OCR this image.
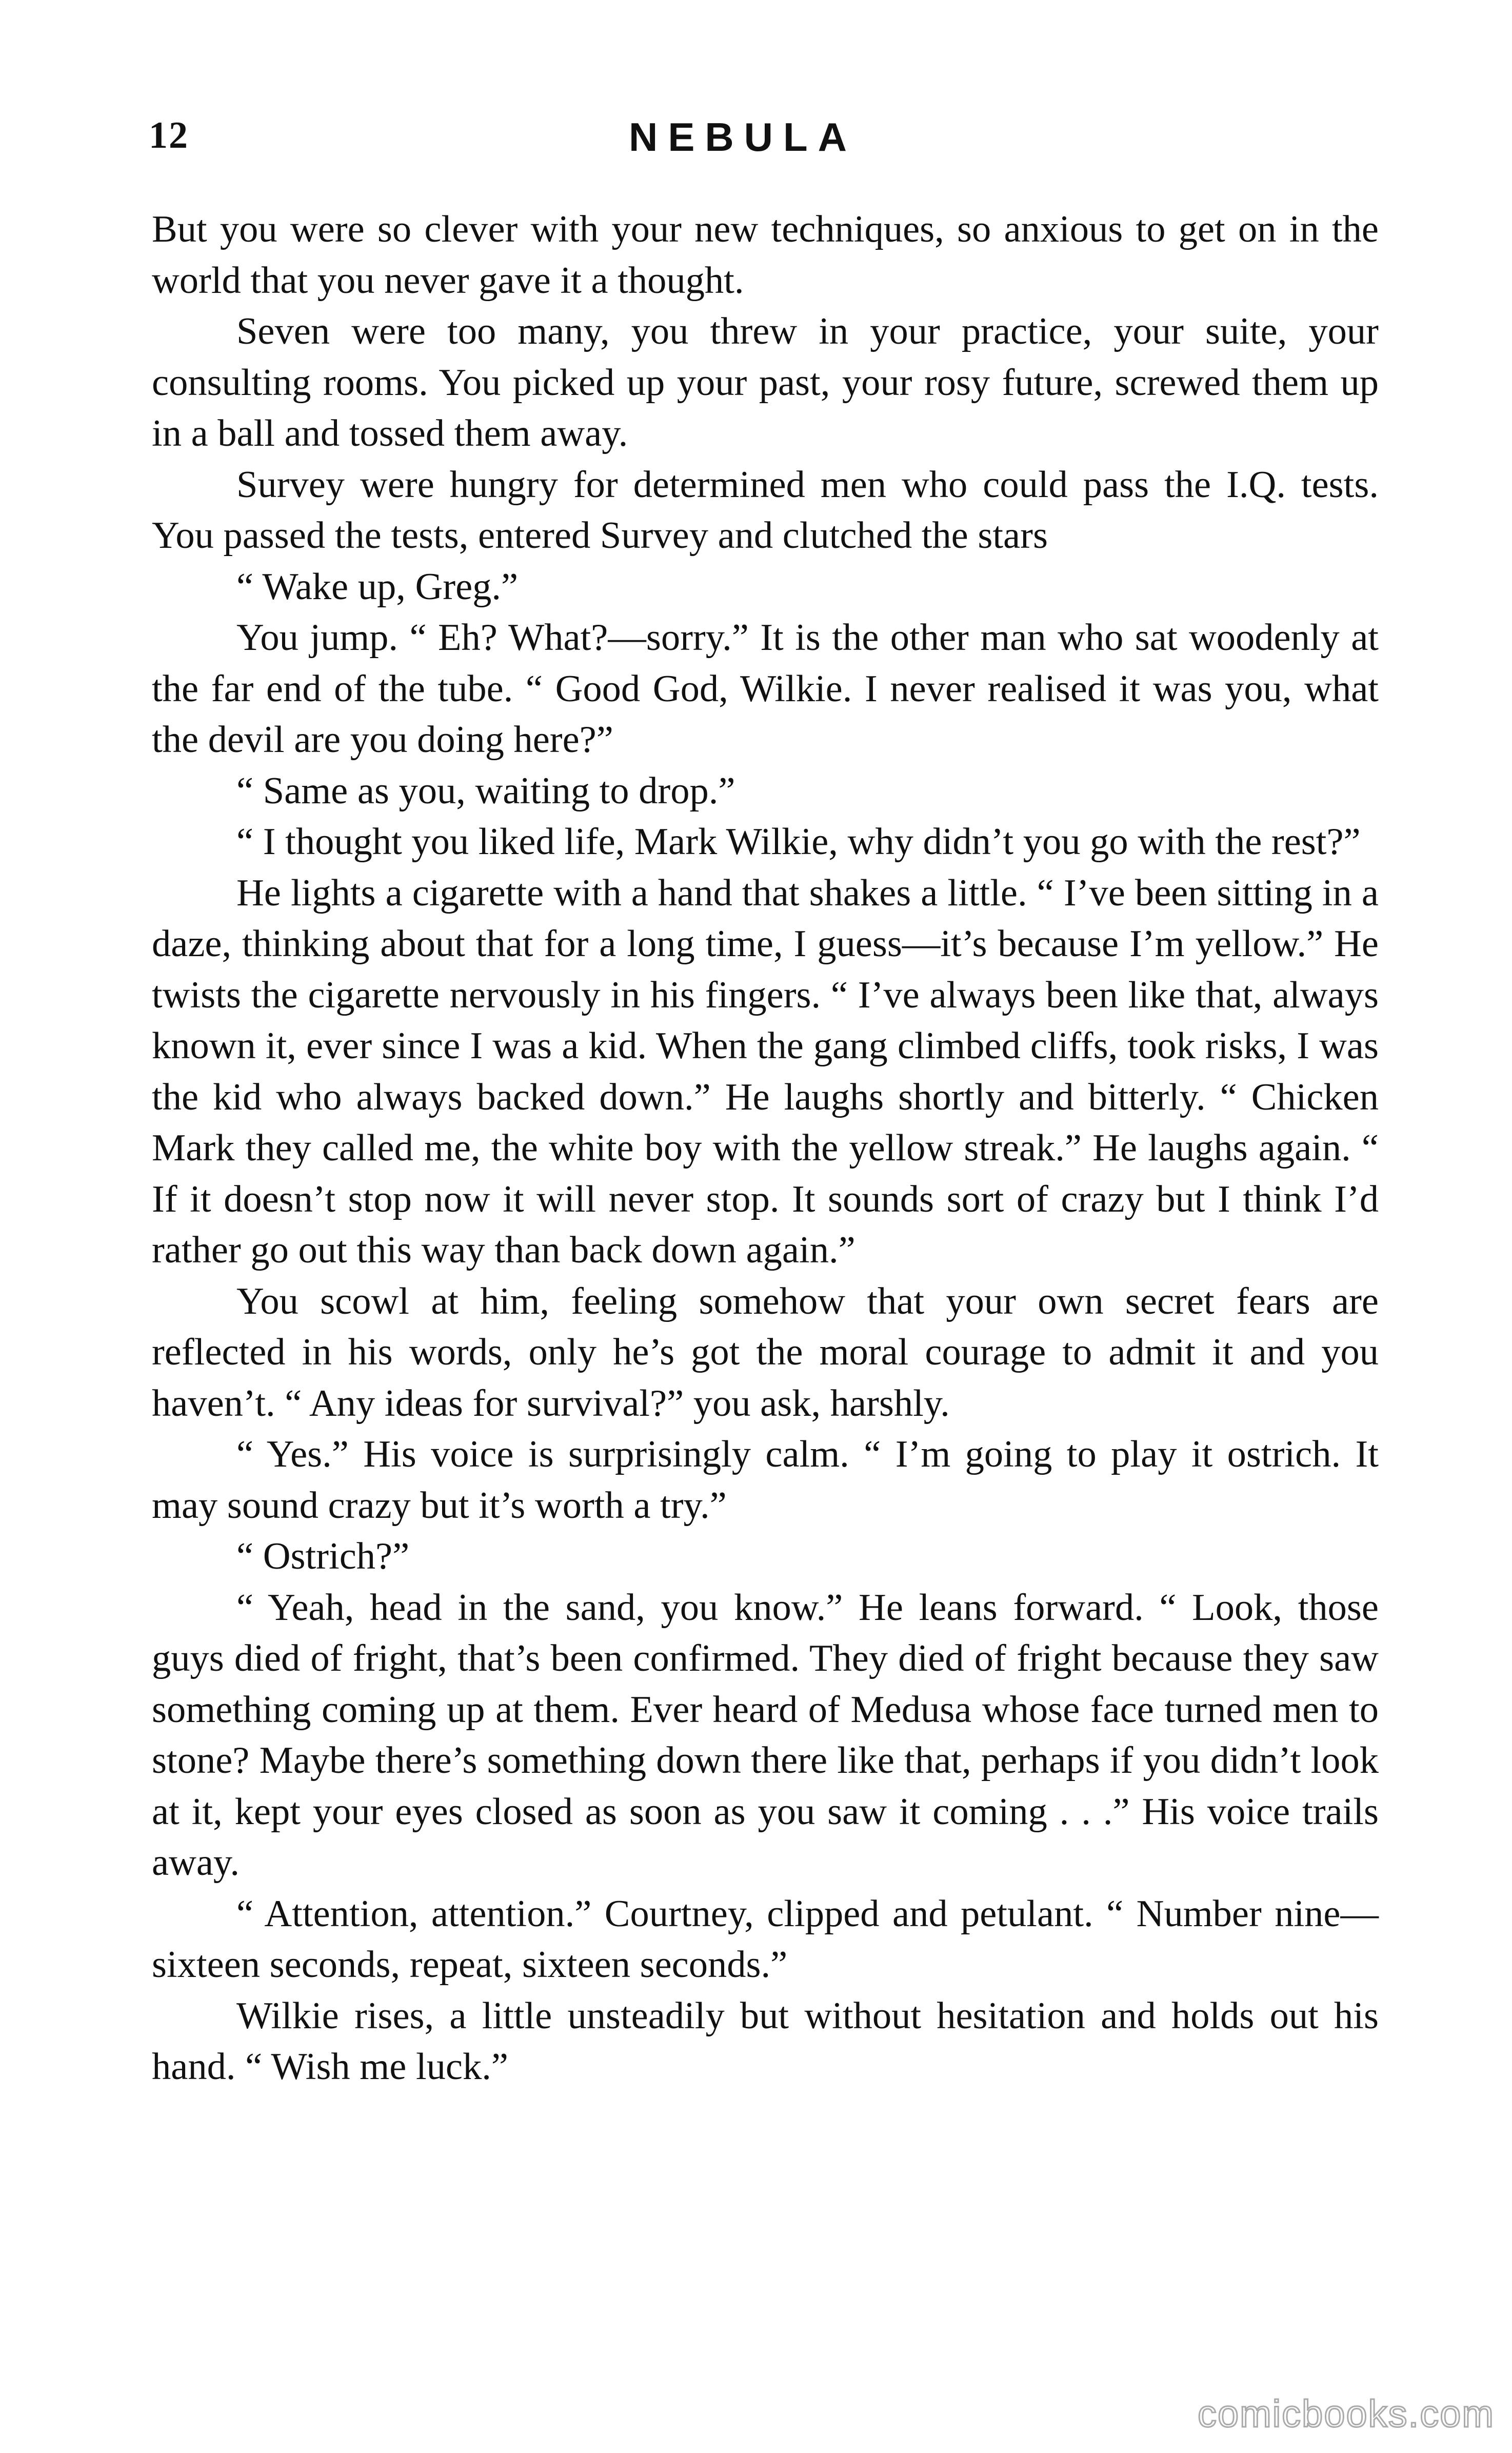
12	NEBULA

But you were so clever with your new techniques, so anxious to get on in the world that you never gave it a thought.

Seven were too many, you threw in your practice, your suite, your consulting rooms. You picked up your past, your rosy future, screwed them up in a ball and tossed them away.

Survey were hungry for determined men who could pass the I.Q. tests. You passed the tests, entered Survey and clutched the stars

“ Wake up, Greg.”

You jump. “ Eh? What?—sorry.” It is the other man who sat woodenly at the far end of the tube. “ Good God, Wilkie. I never realised it was you, what the devil are you doing here?”

“ Same as you, waiting to drop.”

“ I thought you liked life, Mark Wilkie, why didn’t you go with the rest?”

He lights a cigarette with a hand that shakes a little. “ I’ve been sitting in a daze, thinking about that for a long time, I guess—it’s because I’m yellow.” He twists the cigarette nervously in his fingers. “ I’ve always been like that, always known it, ever since I was a kid. When the gang climbed cliffs, took risks, I was the kid who always backed down.” He laughs shortly and bitterly. “ Chicken Mark they called me, the white boy with the yellow streak.” He laughs again. “ If it doesn’t stop now it will never stop. It sounds sort of crazy but I think I’d rather go out this way than back down again.”

You scowl at him, feeling somehow that your own secret fears are reflected in his words, only he’s got the moral courage to admit it and you haven’t. “ Any ideas for survival?” you ask, harshly.

“ Yes.” His voice is surprisingly calm. “ I’m going to play it ostrich. It may sound crazy but it’s worth a try.”

“ Ostrich?”

“ Yeah, head in the sand, you know.” He leans forward. “ Look, those guys died of fright, that’s been confirmed. They died of fright because they saw something coming up at them. Ever heard of Medusa whose face turned men to stone? Maybe there’s something down there like that, perhaps if you didn’t look at it, kept your eyes closed as soon as you saw it coming . . .” His voice trails away.

“ Attention, attention.” Courtney, clipped and petulant. “ Number nine—sixteen seconds, repeat, sixteen seconds.”

Wilkie rises, a little unsteadily but without hesitation and holds out his hand. “ Wish me luck.”

comicbooks.com
